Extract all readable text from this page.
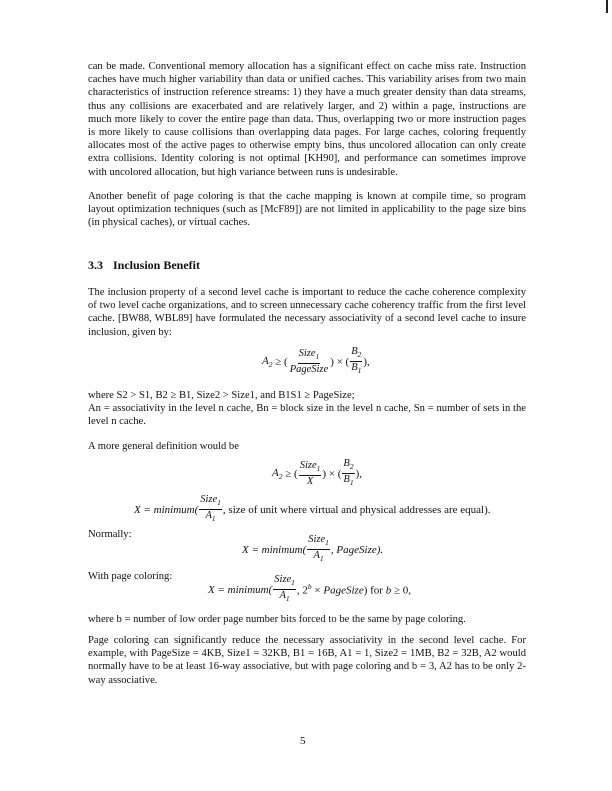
can be made. Conventional memory allocation has a significant effect on cache miss rate. Instruction caches have much higher variability than data or unified caches. This variability arises from two main characteristics of instruction reference streams: 1) they have a much greater density than data streams, thus any collisions are exacerbated and are relatively larger, and 2) within a page, instructions are much more likely to cover the entire page than data. Thus, overlapping two or more instruction pages is more likely to cause collisions than overlapping data pages. For large caches, coloring frequently allocates most of the active pages to otherwise empty bins, thus uncolored allocation can only create extra collisions. Identity coloring is not optimal [KH90], and performance can sometimes improve with uncolored allocation, but high variance between runs is undesirable.

Another benefit of page coloring is that the cache mapping is known at compile time, so program layout optimization techniques (such as [McF89]) are not limited in applicability to the page size bins (in physical caches), or virtual caches.

3.3 Inclusion Benefit

The inclusion property of a second level cache is important to reduce the cache coherence complexity of two level cache organizations, and to screen unnecessary cache coherency traffic from the first level cache. [BW88, WBL89] have formulated the necessary associativity of a second level cache to insure inclusion, given by:

$A_2$ ≥ ( $\frac{Size_1}{\text{PageSize}}$ ) × ( $\frac{B_2}{B_1}$ ),

where S2 > S1, B2 ≥ B1, Size2 > Size1, and B1S1 ≥ PageSize;
An = associativity in the level n cache, Bn = block size in the level n cache, Sn = number of sets in the level n cache.

A more general definition would be

$A_2$ ≥ ( $\frac{Size_1}{X}$ ) × ( $\frac{B_2}{B_1}$ ),
X = minimum( $\frac{Size_1}{A_1}$ , size of unit where virtual and physical addresses are equal).

Normally:

X = minimum( $\frac{Size_1}{A_1}$ , PageSize).

With page coloring:

X = minimum( $\frac{Size_1}{A_1}$ , $2^b$ × PageSize) for b ≥ 0,

where b = number of low order page number bits forced to be the same by page coloring.

Page coloring can significantly reduce the necessary associativity in the second level cache. For example, with PageSize = 4KB, Size1 = 32KB, B1 = 16B, A1 = 1, Size2 = 1MB, B2 = 32B, A2 would normally have to be at least 16-way associative, but with page coloring and b = 3, A2 has to be only 2-way associative.

5
